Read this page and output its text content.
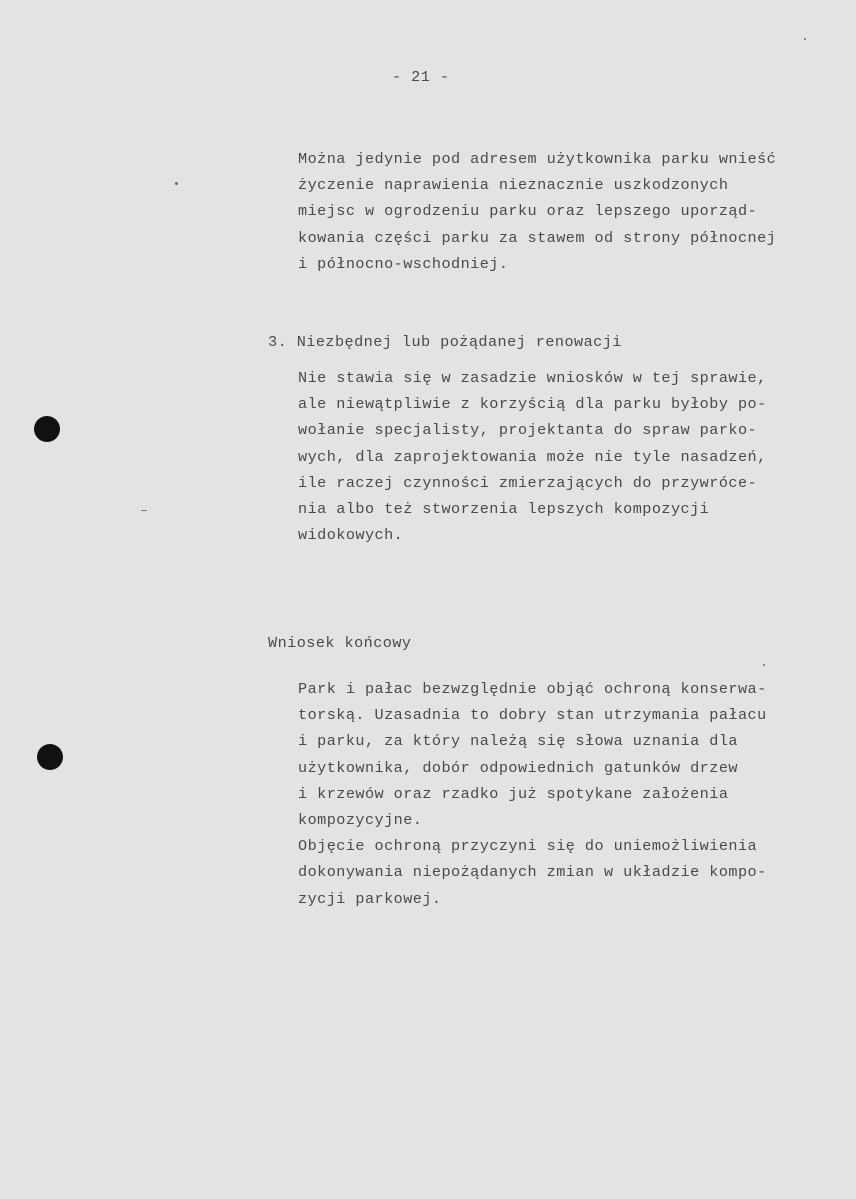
- 21 -
Można jedynie pod adresem użytkownika parku wnieść
życzenie naprawienia nieznacznie uszkodzonych
miejsc w ogrodzeniu parku oraz lepszego uporząd-
kowania części parku za stawem od strony północnej
i północno-wschodniej.
3. Niezbędnej lub pożądanej renowacji
Nie stawia się w zasadzie wniosków w tej sprawie,
ale niewątpliwie z korzyścią dla parku byłoby po-
wołanie specjalisty, projektanta do spraw parko-
wych, dla zaprojektowania może nie tyle nasadzeń,
ile raczej czynności zmierzających do przywróce-
nia albo też stworzenia lepszych kompozycji
widokowych.
Wniosek końcowy
Park i pałac bezwzględnie objąć ochroną konserwa-
torską. Uzasadnia to dobry stan utrzymania pałacu
i parku, za który należą się słowa uznania dla
użytkownika, dobór odpowiednich gatunków drzew
i krzewów oraz rzadko już spotykane założenia
kompozycyjne.
Objęcie ochroną przyczyni się do uniemożliwienia
dokonywania niepożądanych zmian w układzie kompo-
zycji parkowej.
